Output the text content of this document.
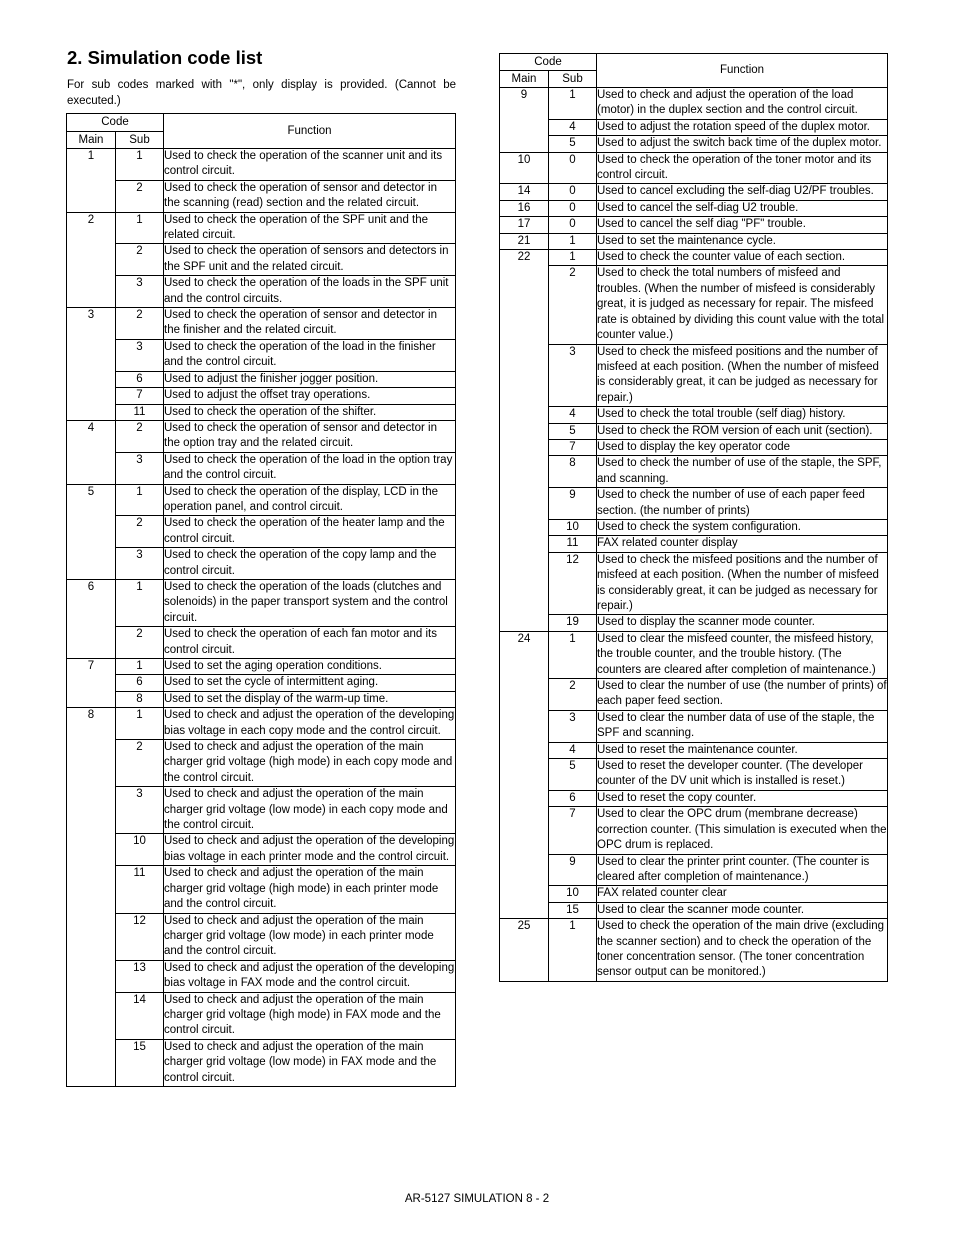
2. Simulation code list

For sub codes marked with "*", only display is provided. (Cannot be executed.)

Code		Function
Main	Sub	
1	1	Used to check the operation of the scanner unit and its control circuit.
	2	Used to check the operation of sensor and detector in the scanning (read) section and the related circuit.
2	1	Used to check the operation of the SPF unit and the related circuit.
	2	Used to check the operation of sensors and detectors in the SPF unit and the related circuit.
	3	Used to check the operation of the loads in the SPF unit and the control circuits.
3	2	Used to check the operation of sensor and detector in the finisher and the related circuit.
	3	Used to check the operation of the load in the finisher and the control circuit.
	6	Used to adjust the finisher jogger position.
	7	Used to adjust the offset tray operations.
	11	Used to check the operation of the shifter.
4	2	Used to check the operation of sensor and detector in the option tray and the related circuit.
	3	Used to check the operation of the load in the option tray and the control circuit.
5	1	Used to check the operation of the display, LCD in the operation panel, and control circuit.
	2	Used to check the operation of the heater lamp and the control circuit.
	3	Used to check the operation of the copy lamp and the control circuit.
6	1	Used to check the operation of the loads (clutches and solenoids) in the paper transport system and the control circuit.
	2	Used to check the operation of each fan motor and its control circuit.
7	1	Used to set the aging operation conditions.
	6	Used to set the cycle of intermittent aging.
	8	Used to set the display of the warm-up time.
8	1	Used to check and adjust the operation of the developing bias voltage in each copy mode and the control circuit.
	2	Used to check and adjust the operation of the main charger grid voltage (high mode) in each copy mode and the control circuit.
	3	Used to check and adjust the operation of the main charger grid voltage (low mode) in each copy mode and the control circuit.
	10	Used to check and adjust the operation of the developing bias voltage in each printer mode and the control circuit.
	11	Used to check and adjust the operation of the main charger grid voltage (high mode) in each printer mode and the control circuit.
	12	Used to check and adjust the operation of the main charger grid voltage (low mode) in each printer mode and the control circuit.
	13	Used to check and adjust the operation of the developing bias voltage in FAX mode and the control circuit.
	14	Used to check and adjust the operation of the main charger grid voltage (high mode) in FAX mode and the control circuit.
	15	Used to check and adjust the operation of the main charger grid voltage (low mode) in FAX mode and the control circuit.
Code		Function
Main	Sub	
9	1	Used to check and adjust the operation of the load (motor) in the duplex section and the control circuit.
	4	Used to adjust the rotation speed of the duplex motor.
	5	Used to adjust the switch back time of the duplex motor.
10	0	Used to check the operation of the toner motor and its control circuit.
14	0	Used to cancel excluding the self-diag U2/PF troubles.
16	0	Used to cancel the self-diag U2 trouble.
17	0	Used to cancel the self diag "PF" trouble.
21	1	Used to set the maintenance cycle.
22	1	Used to check the counter value of each section.
	2	Used to check the total numbers of misfeed and troubles. (When the number of misfeed is considerably great, it is judged as necessary for repair. The misfeed rate is obtained by dividing this count value with the total counter value.)
	3	Used to check the misfeed positions and the number of misfeed at each position. (When the number of misfeed is considerably great, it can be judged as necessary for repair.)
	4	Used to check the total trouble (self diag) history.
	5	Used to check the ROM version of each unit (section).
	7	Used to display the key operator code
	8	Used to check the number of use of the staple, the SPF, and scanning.
	9	Used to check the number of use of each paper feed section. (the number of prints)
	10	Used to check the system configuration.
	11	FAX related counter display
	12	Used to check the misfeed positions and the number of misfeed at each position. (When the number of misfeed is considerably great, it can be judged as necessary for repair.)
	19	Used to display the scanner mode counter.
24	1	Used to clear the misfeed counter, the misfeed history, the trouble counter, and the trouble history. (The counters are cleared after completion of maintenance.)
	2	Used to clear the number of use (the number of prints) of each paper feed section.
	3	Used to clear the number data of use of the staple, the SPF and scanning.
	4	Used to reset the maintenance counter.
	5	Used to reset the developer counter. (The developer counter of the DV unit which is installed is reset.)
	6	Used to reset the copy counter.
	7	Used to clear the OPC drum (membrane decrease) correction counter. (This simulation is executed when the OPC drum is replaced.
	9	Used to clear the printer print counter. (The counter is cleared after completion of maintenance.)
	10	FAX related counter clear
	15	Used to clear the scanner mode counter.
25	1	Used to check the operation of the main drive (excluding the scanner section) and to check the operation of the toner concentration sensor. (The toner concentration sensor output can be monitored.)
AR-5127 SIMULATION 8 - 2
